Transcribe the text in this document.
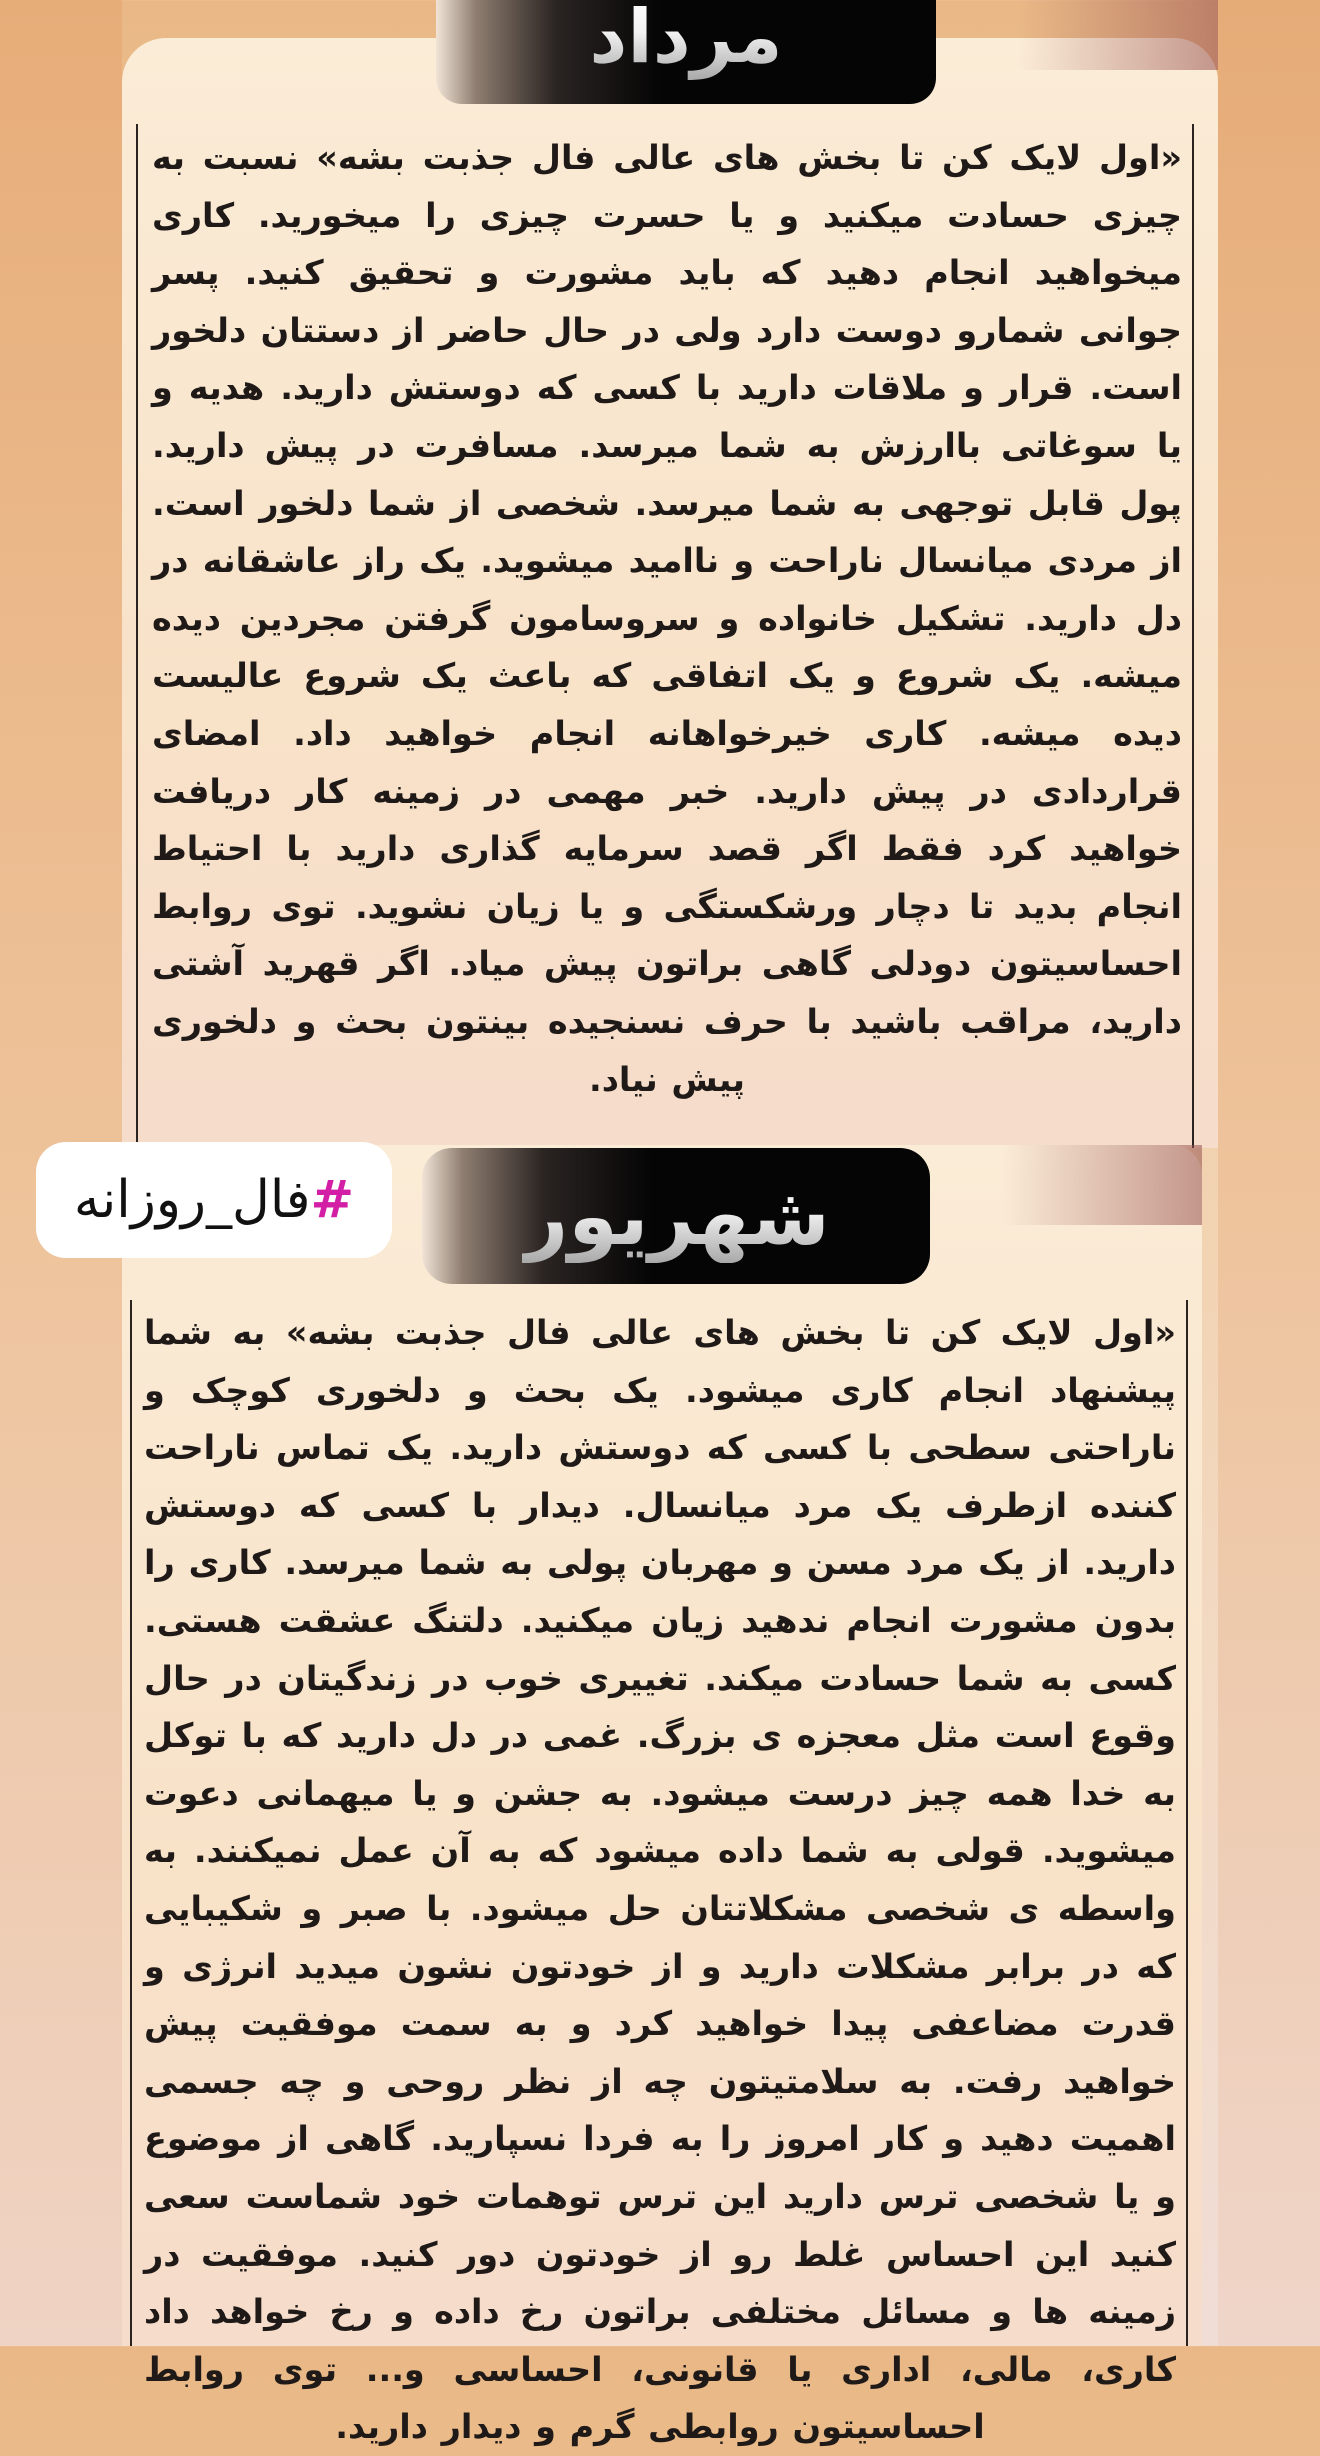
مرداد
«اول لایک کن تا بخش های عالی فال جذبت بشه» نسبت به چیزی حسادت میکنید و یا حسرت چیزی را میخورید. کاری میخواهید انجام دهید که باید مشورت و تحقیق کنید. پسر جوانی شمارو دوست دارد ولی در حال حاضر از دستتان دلخور است. قرار و ملاقات دارید با کسی که دوستش دارید. هدیه و یا سوغاتی باارزش به شما میرسد. مسافرت در پیش دارید. پول قابل توجهی به شما میرسد. شخصی از شما دلخور است. از مردی میانسال ناراحت و ناامید میشوید. یک راز عاشقانه در دل دارید. تشکیل خانواده و سروسامون گرفتن مجردین دیده میشه. یک شروع و یک اتفاقی که باعث یک شروع عالیست دیده میشه. کاری خیرخواهانه انجام خواهید داد. امضای قراردادی در پیش دارید. خبر مهمی در زمینه کار دریافت خواهید کرد فقط اگر قصد سرمایه گذاری دارید با احتیاط انجام بدید تا دچار ورشکستگی و یا زیان نشوید. توی روابط احساسیتون دودلی گاهی براتون پیش میاد. اگر قهرید آشتی دارید، مراقب باشید با حرف نسنجیده بینتون بحث و دلخوری پیش نیاد.
شهریور
«اول لایک کن تا بخش های عالی فال جذبت بشه» به شما پیشنهاد انجام کاری میشود. یک بحث و دلخوری کوچک و ناراحتی سطحی با کسی که دوستش دارید. یک تماس ناراحت کننده ازطرف یک مرد میانسال. دیدار با کسی که دوستش دارید. از یک مرد مسن و مهربان پولی به شما میرسد. کاری را بدون مشورت انجام ندهید زیان میکنید. دلتنگ عشقت هستی. کسی به شما حسادت میکند. تغییری خوب در زندگیتان در حال وقوع است مثل معجزه ی بزرگ. غمی در دل دارید که با توکل به خدا همه چیز درست میشود. به جشن و یا میهمانی دعوت میشوید. قولی به شما داده میشود که به آن عمل نمیکنند. به واسطه ی شخصی مشکلاتتان حل میشود. با صبر و شکیبایی که در برابر مشکلات دارید و از خودتون نشون میدید انرژی و قدرت مضاعفی پیدا خواهید کرد و به سمت موفقیت پیش خواهید رفت. به سلامتیتون چه از نظر روحی و چه جسمی اهمیت دهید و کار امروز را به فردا نسپارید. گاهی از موضوع و یا شخصی ترس دارید این ترس توهمات خود شماست سعی کنید این احساس غلط رو از خودتون دور کنید. موفقیت در زمینه ها و مسائل مختلفی براتون رخ داده و رخ خواهد داد کاری، مالی، اداری یا قانونی، احساسی و... توی روابط احساسیتون روابطی گرم و دیدار دارید.
#
فال_روزانه
